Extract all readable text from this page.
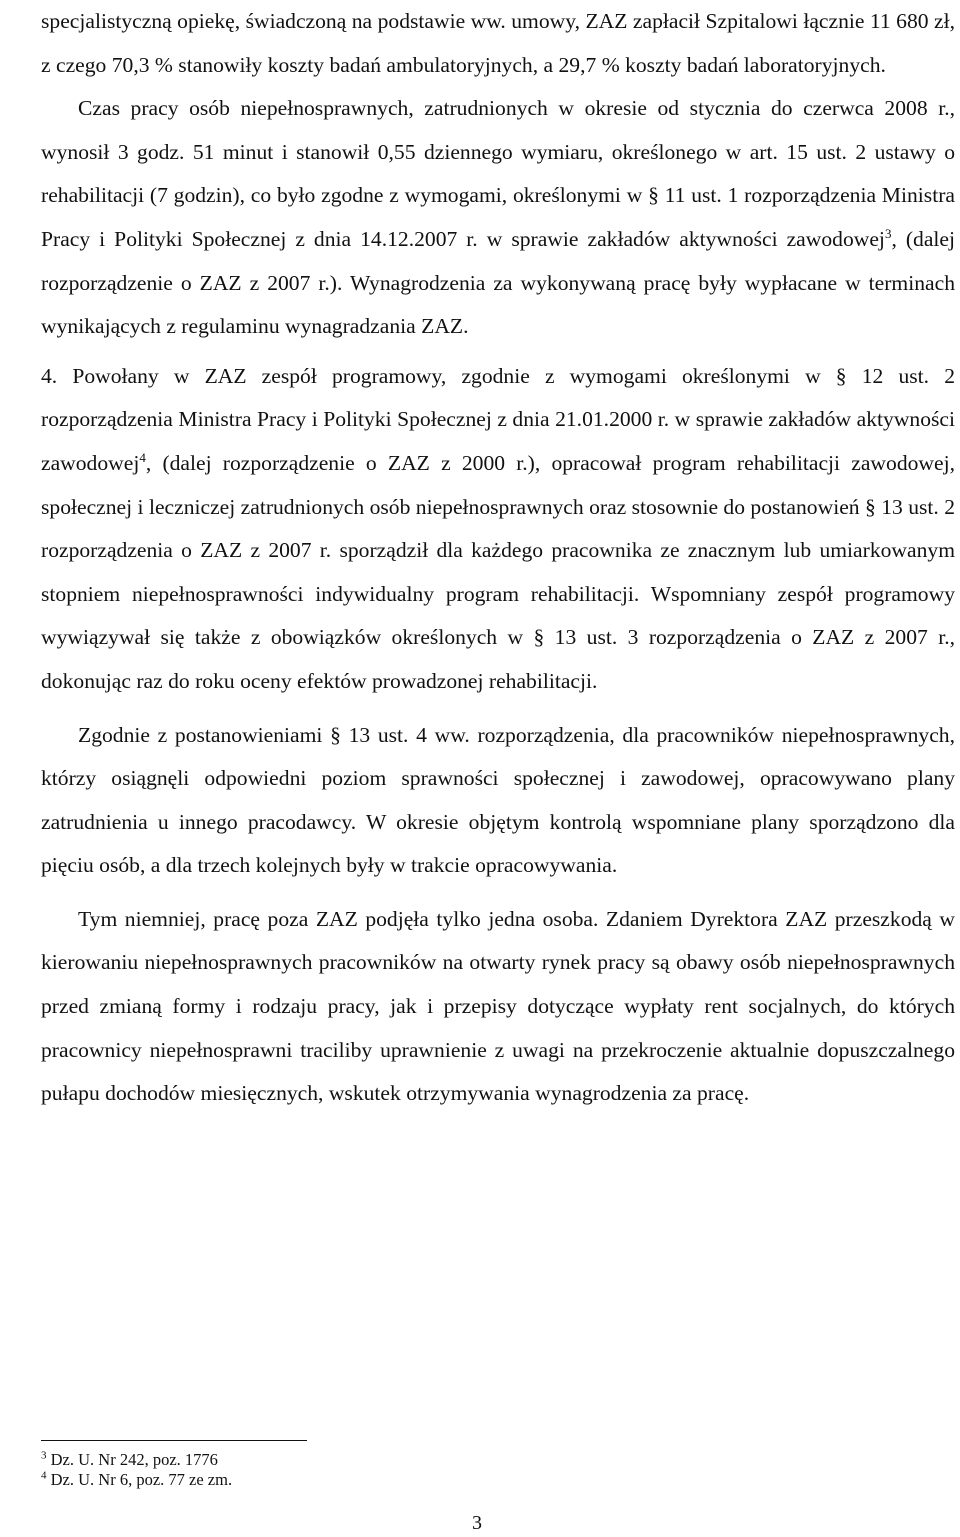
specjalistyczną opiekę, świadczoną na podstawie ww. umowy, ZAZ zapłacił Szpitalowi łącznie 11 680 zł, z czego 70,3 % stanowiły koszty badań ambulatoryjnych, a 29,7 % koszty badań laboratoryjnych.

Czas pracy osób niepełnosprawnych, zatrudnionych w okresie od stycznia do czerwca 2008 r., wynosił 3 godz. 51 minut i stanowił 0,55 dziennego wymiaru, określonego w art. 15 ust. 2 ustawy o rehabilitacji (7 godzin), co było zgodne z wymogami, określonymi w § 11 ust. 1 rozporządzenia Ministra Pracy i Polityki Społecznej z dnia 14.12.2007 r. w sprawie zakładów aktywności zawodowej$^3$, (dalej rozporządzenie o ZAZ z 2007 r.). Wynagrodzenia za wykonywaną pracę były wypłacane w terminach wynikających z regulaminu wynagradzania ZAZ.

4. Powołany w ZAZ zespół programowy, zgodnie z wymogami określonymi w § 12 ust. 2 rozporządzenia Ministra Pracy i Polityki Społecznej z dnia 21.01.2000 r. w sprawie zakładów aktywności zawodowej$^4$, (dalej rozporządzenie o ZAZ z 2000 r.), opracował program rehabilitacji zawodowej, społecznej i leczniczej zatrudnionych osób niepełnosprawnych oraz stosownie do postanowień § 13 ust. 2 rozporządzenia o ZAZ z 2007 r. sporządził dla każdego pracownika ze znacznym lub umiarkowanym stopniem niepełnosprawności indywidualny program rehabilitacji. Wspomniany zespół programowy wywiązywał się także z obowiązków określonych w § 13 ust. 3 rozporządzenia o ZAZ z 2007 r., dokonując raz do roku oceny efektów prowadzonej rehabilitacji.

Zgodnie z postanowieniami § 13 ust. 4 ww. rozporządzenia, dla pracowników niepełnosprawnych, którzy osiągnęli odpowiedni poziom sprawności społecznej i zawodowej, opracowywano plany zatrudnienia u innego pracodawcy. W okresie objętym kontrolą wspomniane plany sporządzono dla pięciu osób, a dla trzech kolejnych były w trakcie opracowywania.

Tym niemniej, pracę poza ZAZ podjęła tylko jedna osoba. Zdaniem Dyrektora ZAZ przeszkodą w kierowaniu niepełnosprawnych pracowników na otwarty rynek pracy są obawy osób niepełnosprawnych przed zmianą formy i rodzaju pracy, jak i przepisy dotyczące wypłaty rent socjalnych, do których pracownicy niepełnosprawni traciliby uprawnienie z uwagi na przekroczenie aktualnie dopuszczalnego pułapu dochodów miesięcznych, wskutek otrzymywania wynagrodzenia za pracę.

$^3$ Dz. U. Nr 242, poz. 1776
$^4$ Dz. U. Nr 6, poz. 77 ze zm.
3
